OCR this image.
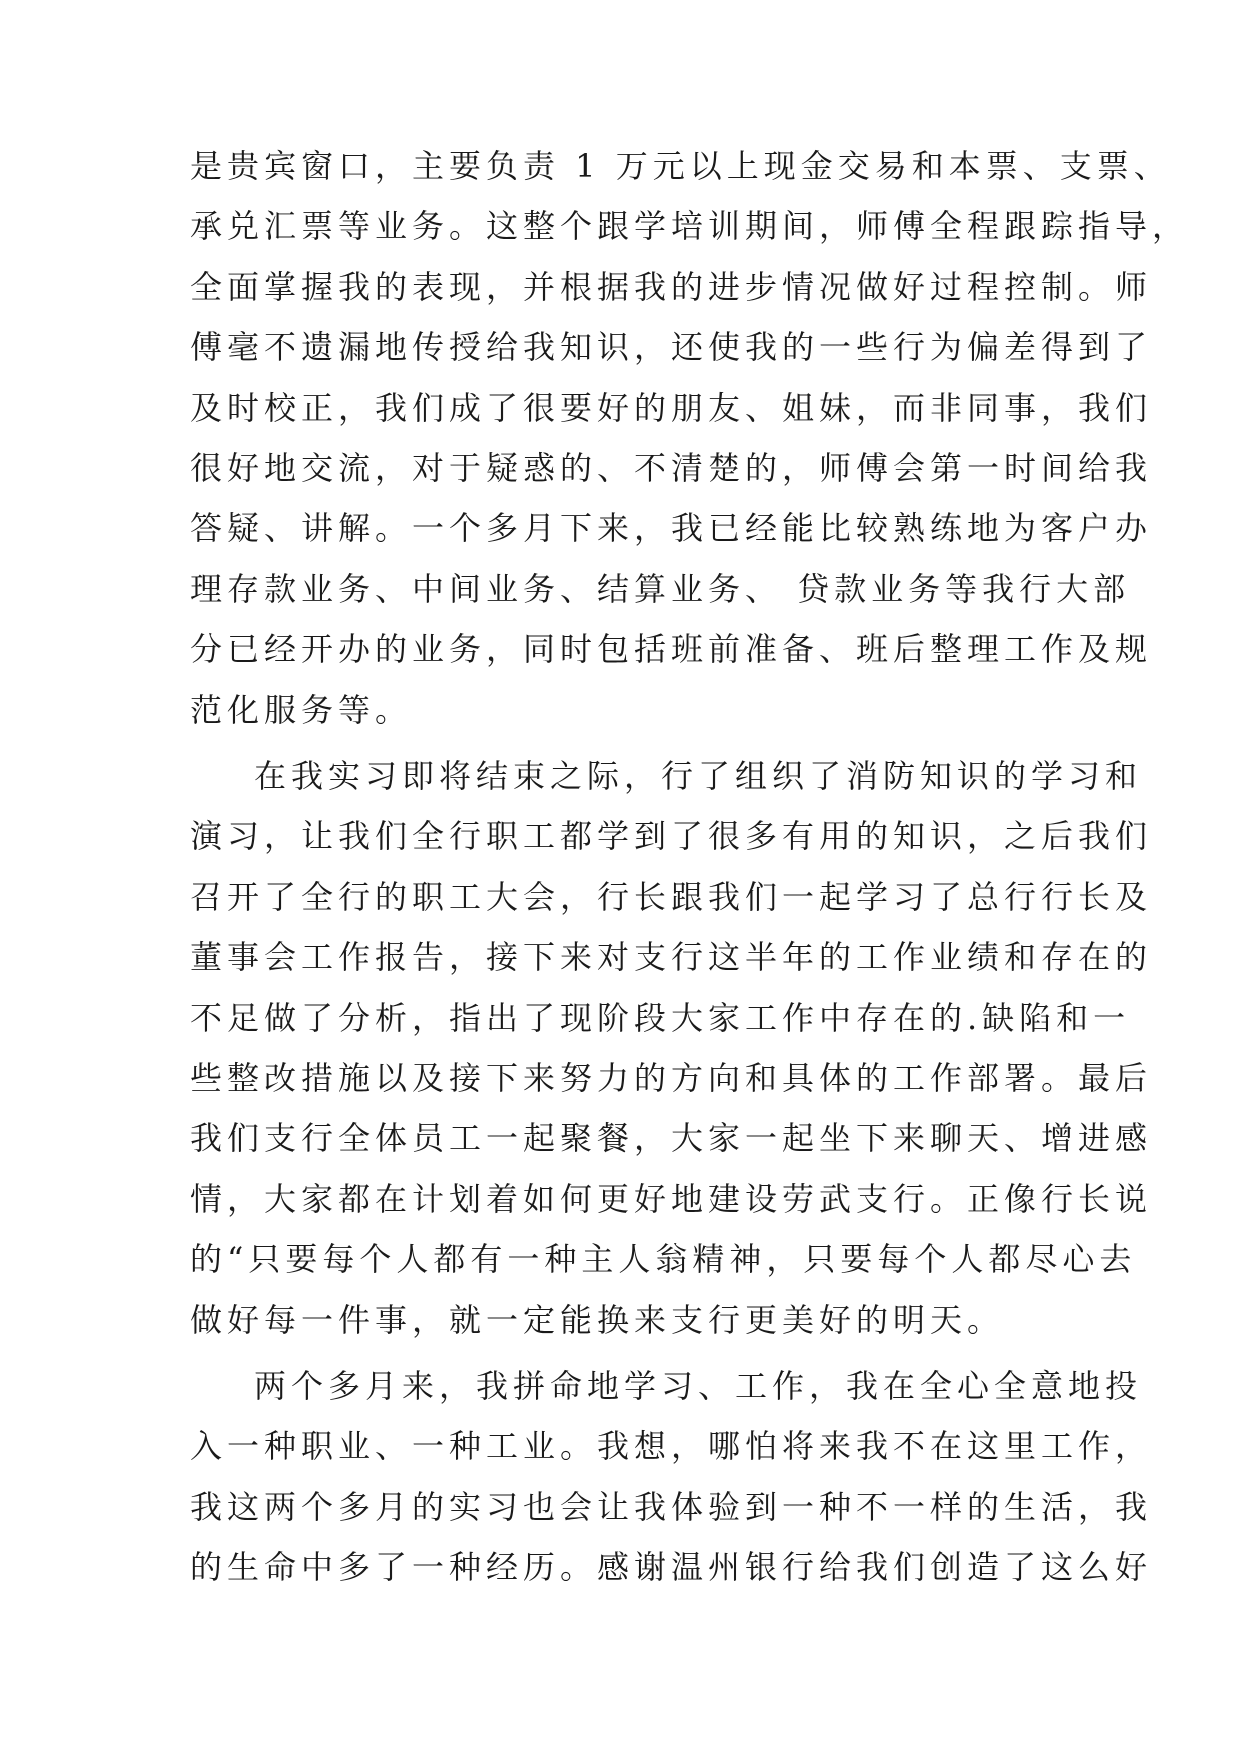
是贵宾窗口，主要负责 1 万元以上现金交易和本票、支票、
承兑汇票等业务。这整个跟学培训期间，师傅全程跟踪指导，
全面掌握我的表现，并根据我的进步情况做好过程控制。师
傅毫不遗漏地传授给我知识，还使我的一些行为偏差得到了
及时校正，我们成了很要好的朋友、姐妹，而非同事，我们
很好地交流，对于疑惑的、不清楚的，师傅会第一时间给我
答疑、讲解。一个多月下来，我已经能比较熟练地为客户办
理存款业务、中间业务、结算业务、 贷款业务等我行大部
分已经开办的业务，同时包括班前准备、班后整理工作及规
范化服务等。
在我实习即将结束之际，行了组织了消防知识的学习和
演习，让我们全行职工都学到了很多有用的知识，之后我们
召开了全行的职工大会，行长跟我们一起学习了总行行长及
董事会工作报告，接下来对支行这半年的工作业绩和存在的
不足做了分析，指出了现阶段大家工作中存在的.缺陷和一
些整改措施以及接下来努力的方向和具体的工作部署。最后
我们支行全体员工一起聚餐，大家一起坐下来聊天、增进感
情，大家都在计划着如何更好地建设劳武支行。正像行长说
的“只要每个人都有一种主人翁精神，只要每个人都尽心去
做好每一件事，就一定能换来支行更美好的明天。
两个多月来，我拼命地学习、工作，我在全心全意地投
入一种职业、一种工业。我想，哪怕将来我不在这里工作，
我这两个多月的实习也会让我体验到一种不一样的生活，我
的生命中多了一种经历。感谢温州银行给我们创造了这么好
